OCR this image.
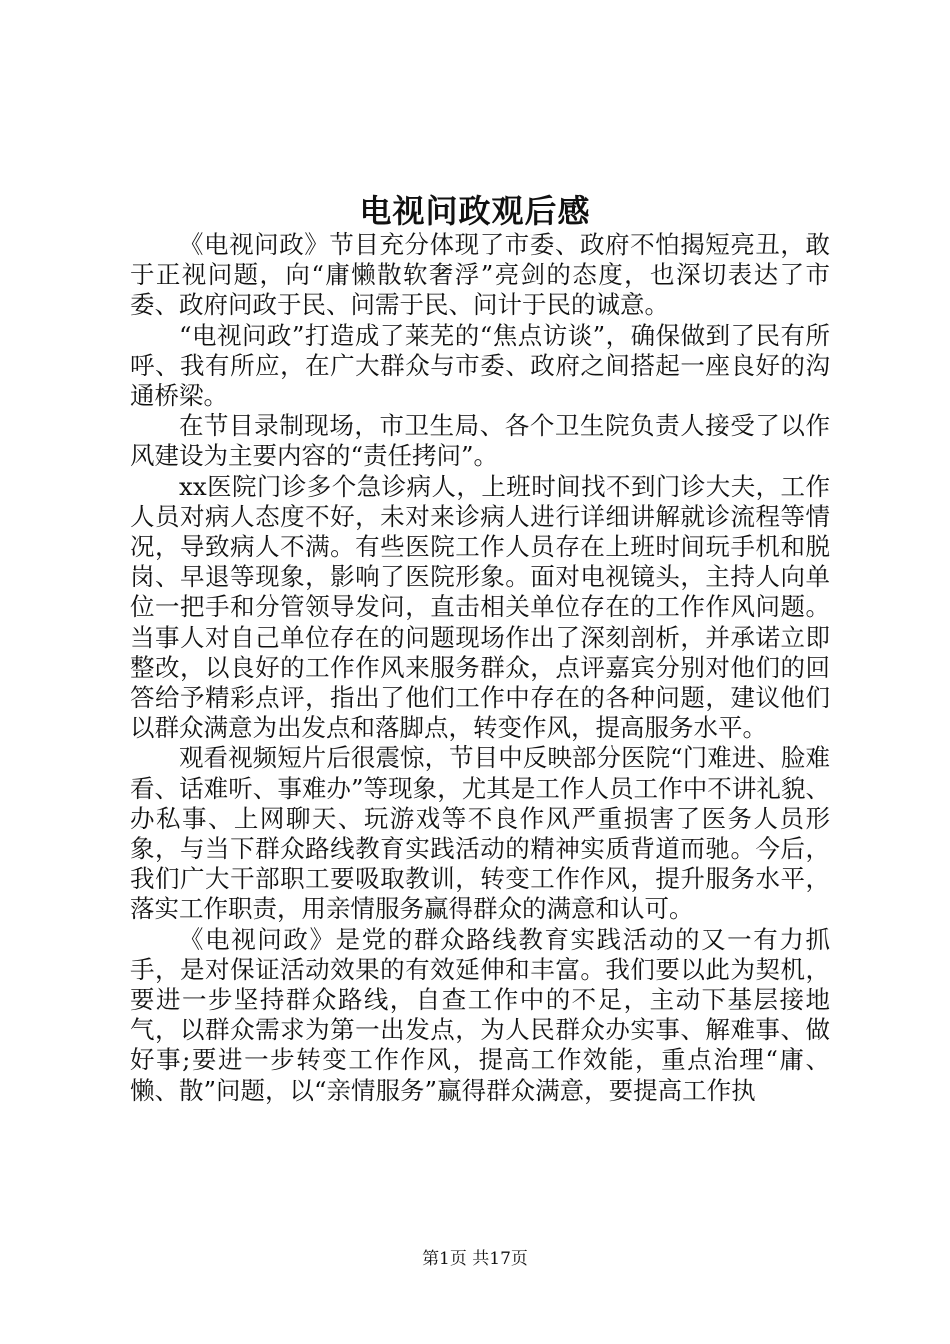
电视问政观后感

《电视问政》节目充分体现了市委、政府不怕揭短亮丑，敢于正视问题，向“庸懒散软奢浮”亮剑的态度，也深切表达了市委、政府问政于民、问需于民、问计于民的诚意。

“电视问政”打造成了莱芜的“焦点访谈”，确保做到了民有所呼、我有所应，在广大群众与市委、政府之间搭起一座良好的沟通桥梁。

在节目录制现场，市卫生局、各个卫生院负责人接受了以作风建设为主要内容的“责任拷问”。

xx医院门诊多个急诊病人，上班时间找不到门诊大夫，工作人员对病人态度不好，未对来诊病人进行详细讲解就诊流程等情况，导致病人不满。有些医院工作人员存在上班时间玩手机和脱岗、早退等现象，影响了医院形象。面对电视镜头，主持人向单位一把手和分管领导发问，直击相关单位存在的工作作风问题。当事人对自己单位存在的问题现场作出了深刻剖析，并承诺立即整改，以良好的工作作风来服务群众，点评嘉宾分别对他们的回答给予精彩点评，指出了他们工作中存在的各种问题，建议他们以群众满意为出发点和落脚点，转变作风，提高服务水平。

观看视频短片后很震惊，节目中反映部分医院“门难进、脸难看、话难听、事难办”等现象，尤其是工作人员工作中不讲礼貌、办私事、上网聊天、玩游戏等不良作风严重损害了医务人员形象，与当下群众路线教育实践活动的精神实质背道而驰。今后，我们广大干部职工要吸取教训，转变工作作风，提升服务水平，落实工作职责，用亲情服务赢得群众的满意和认可。

《电视问政》是党的群众路线教育实践活动的又一有力抓手，是对保证活动效果的有效延伸和丰富。我们要以此为契机，要进一步坚持群众路线，自查工作中的不足，主动下基层接地气，以群众需求为第一出发点，为人民群众办实事、解难事、做好事;要进一步转变工作作风，提高工作效能，重点治理“庸、懒、散”问题，以“亲情服务”赢得群众满意，要提高工作执

第1页 共17页
